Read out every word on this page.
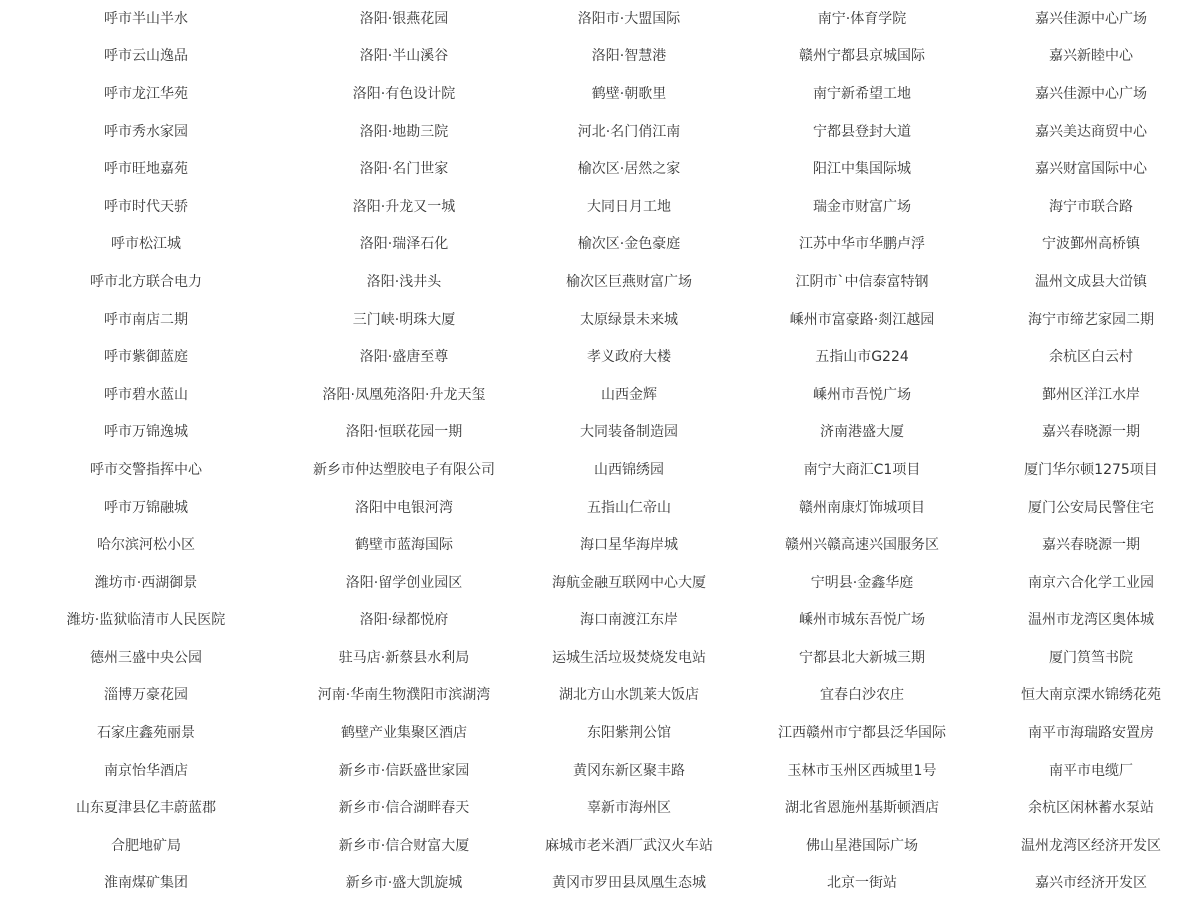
呼市半山半水	洛阳·银燕花园	洛阳市·大盟国际	南宁·体育学院	嘉兴佳源中心广场
呼市云山逸品	洛阳·半山溪谷	洛阳·智慧港	赣州宁都县京城国际	嘉兴新睦中心
呼市龙江华苑	洛阳·有色设计院	鹤壁·朝歌里	南宁新希望工地	嘉兴佳源中心广场
呼市秀水家园	洛阳·地勘三院	河北·名门俏江南	宁都县登封大道	嘉兴美达商贸中心
呼市旺地嘉苑	洛阳·名门世家	榆次区·居然之家	阳江中集国际城	嘉兴财富国际中心
呼市时代天骄	洛阳·升龙又一城	大同日月工地	瑞金市财富广场	海宁市联合路
呼市松江城	洛阳·瑞泽石化	榆次区·金色豪庭	江苏中华市华鹏卢浮	宁波鄞州高桥镇
呼市北方联合电力	洛阳·浅井头	榆次区巨燕财富广场	江阴市`中信泰富特钢	温州文成县大峃镇
呼市南店二期	三门峡·明珠大厦	太原绿景未来城	嵊州市富豪路·剡江越园	海宁市缔艺家园二期
呼市紫御蓝庭	洛阳·盛唐至尊	孝义政府大楼	五指山市G224	余杭区白云村
呼市碧水蓝山	洛阳·凤凰苑洛阳·升龙天玺	山西金辉	嵊州市吾悦广场	鄞州区洋江水岸
呼市万锦逸城	洛阳·恒联花园一期	大同装备制造园	济南港盛大厦	嘉兴春晓源一期
呼市交警指挥中心	新乡市仲达塑胶电子有限公司	山西锦绣园	南宁大商汇C1项目	厦门华尔顿1275项目
呼市万锦融城	洛阳中电银河湾	五指山仁帝山	赣州南康灯饰城项目	厦门公安局民警住宅
哈尔滨河松小区	鹤壁市蓝海国际	海口星华海岸城	赣州兴赣高速兴国服务区	嘉兴春晓源一期
潍坊市·西湖御景	洛阳·留学创业园区	海航金融互联网中心大厦	宁明县·金鑫华庭	南京六合化学工业园
潍坊·监狱临清市人民医院	洛阳·绿都悦府	海口南渡江东岸	嵊州市城东吾悦广场	温州市龙湾区奥体城
德州三盛中央公园	驻马店·新蔡县水利局	运城生活垃圾焚烧发电站	宁都县北大新城三期	厦门筼筜书院
淄博万豪花园	河南·华南生物濮阳市滨湖湾	湖北方山水凯莱大饭店	宜春白沙农庄	恒大南京溧水锦绣花苑
石家庄鑫苑丽景	鹤壁产业集聚区酒店	东阳紫荆公馆	江西赣州市宁都县泛华国际	南平市海瑞路安置房
南京怡华酒店	新乡市·信跃盛世家园	黄冈东新区聚丰路	玉林市玉州区西城里1号	南平市电缆厂
山东夏津县亿丰蔚蓝郡	新乡市·信合湖畔春天	辜新市海州区	湖北省恩施州基斯顿酒店	余杭区闲林蓄水泵站
合肥地矿局	新乡市·信合财富大厦	麻城市老米酒厂武汉火车站	佛山星港国际广场	温州龙湾区经济开发区
淮南煤矿集团	新乡市·盛大凯旋城	黄冈市罗田县凤凰生态城	北京一街站	嘉兴市经济开发区
